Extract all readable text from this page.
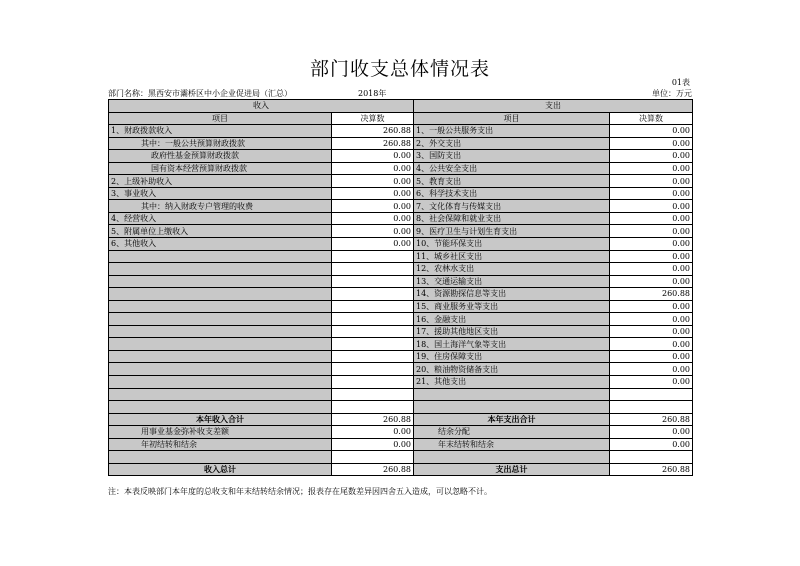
部门收支总体情况表
01表
部门名称：黑西安市灞桥区中小企业促进局（汇总）	2018年	单位：万元
收入		支出	
项目	决算数	项目	决算数
1、财政拨款收入	260.88	1、一般公共服务支出	0.00
其中：一般公共预算财政拨款	260.88	2、外交支出	0.00
政府性基金预算财政拨款	0.00	3、国防支出	0.00
国有资本经营预算财政拨款	0.00	4、公共安全支出	0.00
2、上级补助收入	0.00	5、教育支出	0.00
3、事业收入	0.00	6、科学技术支出	0.00
其中：纳入财政专户管理的收费	0.00	7、文化体育与传媒支出	0.00
4、经营收入	0.00	8、社会保障和就业支出	0.00
5、附属单位上缴收入	0.00	9、医疗卫生与计划生育支出	0.00
6、其他收入	0.00	10、节能环保支出	0.00
		11、城乡社区支出	0.00
		12、农林水支出	0.00
		13、交通运输支出	0.00
		14、资源勘探信息等支出	260.88
		15、商业服务业等支出	0.00
		16、金融支出	0.00
		17、援助其他地区支出	0.00
		18、国土海洋气象等支出	0.00
		19、住房保障支出	0.00
		20、粮油物资储备支出	0.00
		21、其他支出	0.00

本年收入合计	260.88	本年支出合计	260.88
用事业基金弥补收支差额	0.00	结余分配	0.00
年初结转和结余	0.00	年末结转和结余	0.00

收入总计	260.88	支出总计	260.88
注：本表反映部门本年度的总收支和年末结转结余情况；报表存在尾数差异因四舍五入造成，可以忽略不计。
